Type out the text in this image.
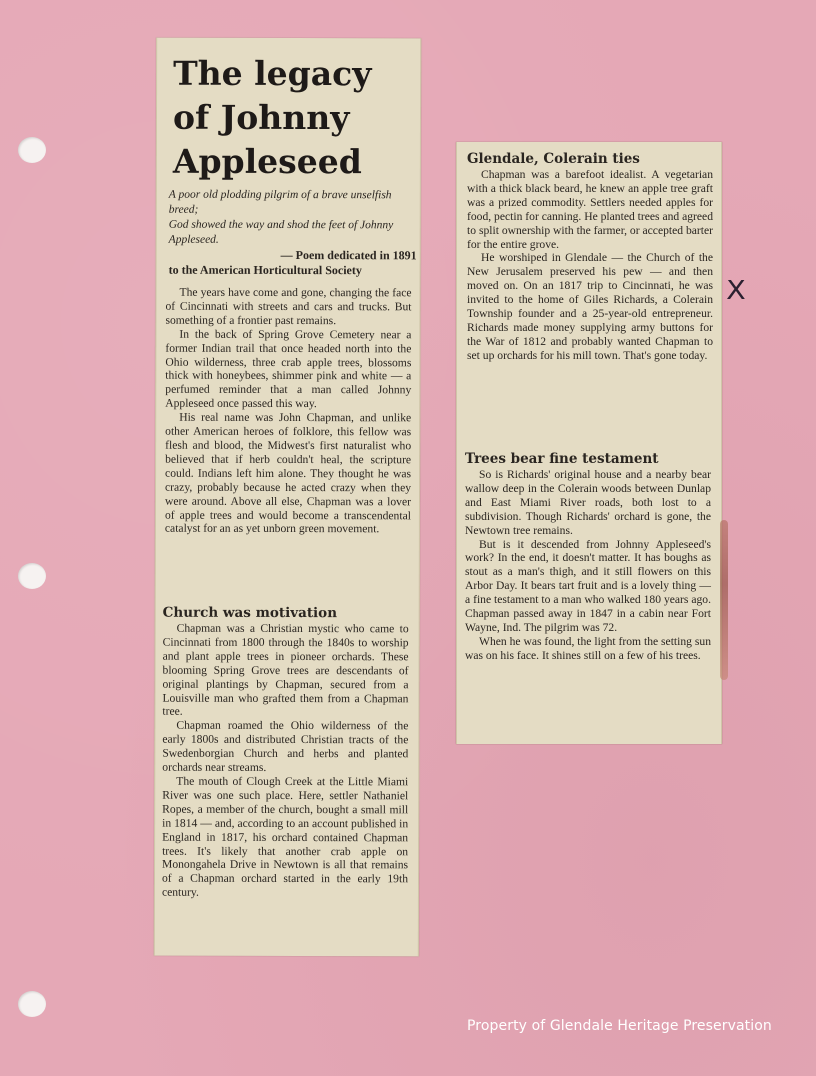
The legacy of Johnny Appleseed

A poor old plodding pilgrim of a brave unselfish breed;

God showed the way and shod the feet of Johnny Appleseed.

— Poem dedicated in 1891
to the American Horticultural Society

The years have come and gone, changing the face of Cincinnati with streets and cars and trucks. But something of a frontier past remains.

In the back of Spring Grove Cemetery near a former Indian trail that once headed north into the Ohio wilderness, three crab apple trees, blossoms thick with honeybees, shimmer pink and white — a perfumed reminder that a man called Johnny Appleseed once passed this way.

His real name was John Chapman, and unlike other American heroes of folklore, this fellow was flesh and blood, the Midwest's first naturalist who believed that if herb couldn't heal, the scripture could. Indians left him alone. They thought he was crazy, probably because he acted crazy when they were around. Above all else, Chapman was a lover of apple trees and would become a transcendental catalyst for an as yet unborn green movement.

Church was motivation

Chapman was a Christian mystic who came to Cincinnati from 1800 through the 1840s to worship and plant apple trees in pioneer orchards. These blooming Spring Grove trees are descendants of original plantings by Chapman, secured from a Louisville man who grafted them from a Chapman tree.

Chapman roamed the Ohio wilderness of the early 1800s and distributed Christian tracts of the Swedenborgian Church and herbs and planted orchards near streams.

The mouth of Clough Creek at the Little Miami River was one such place. Here, settler Nathaniel Ropes, a member of the church, bought a small mill in 1814 — and, according to an account published in England in 1817, his orchard contained Chapman trees. It's likely that another crab apple on Monongahela Drive in Newtown is all that remains of a Chapman orchard started in the early 19th century.

Glendale, Colerain ties

Chapman was a barefoot idealist. A vegetarian with a thick black beard, he knew an apple tree graft was a prized commodity. Settlers needed apples for food, pectin for canning. He planted trees and agreed to split ownership with the farmer, or accepted barter for the entire grove.

He worshiped in Glendale — the Church of the New Jerusalem preserved his pew — and then moved on. On an 1817 trip to Cincinnati, he was invited to the home of Giles Richards, a Colerain Township founder and a 25-year-old entrepreneur. Richards made money supplying army buttons for the War of 1812 and probably wanted Chapman to set up orchards for his mill town. That's gone today.

Trees bear fine testament

So is Richards' original house and a nearby bear wallow deep in the Colerain woods between Dunlap and East Miami River roads, both lost to a subdivision. Though Richards' orchard is gone, the Newtown tree remains.

But is it descended from Johnny Appleseed's work? In the end, it doesn't matter. It has boughs as stout as a man's thigh, and it still flowers on this Arbor Day. It bears tart fruit and is a lovely thing — a fine testament to a man who walked 180 years ago. Chapman passed away in 1847 in a cabin near Fort Wayne, Ind. The pilgrim was 72.

When he was found, the light from the setting sun was on his face. It shines still on a few of his trees.

X
Property of Glendale Heritage Preservation
